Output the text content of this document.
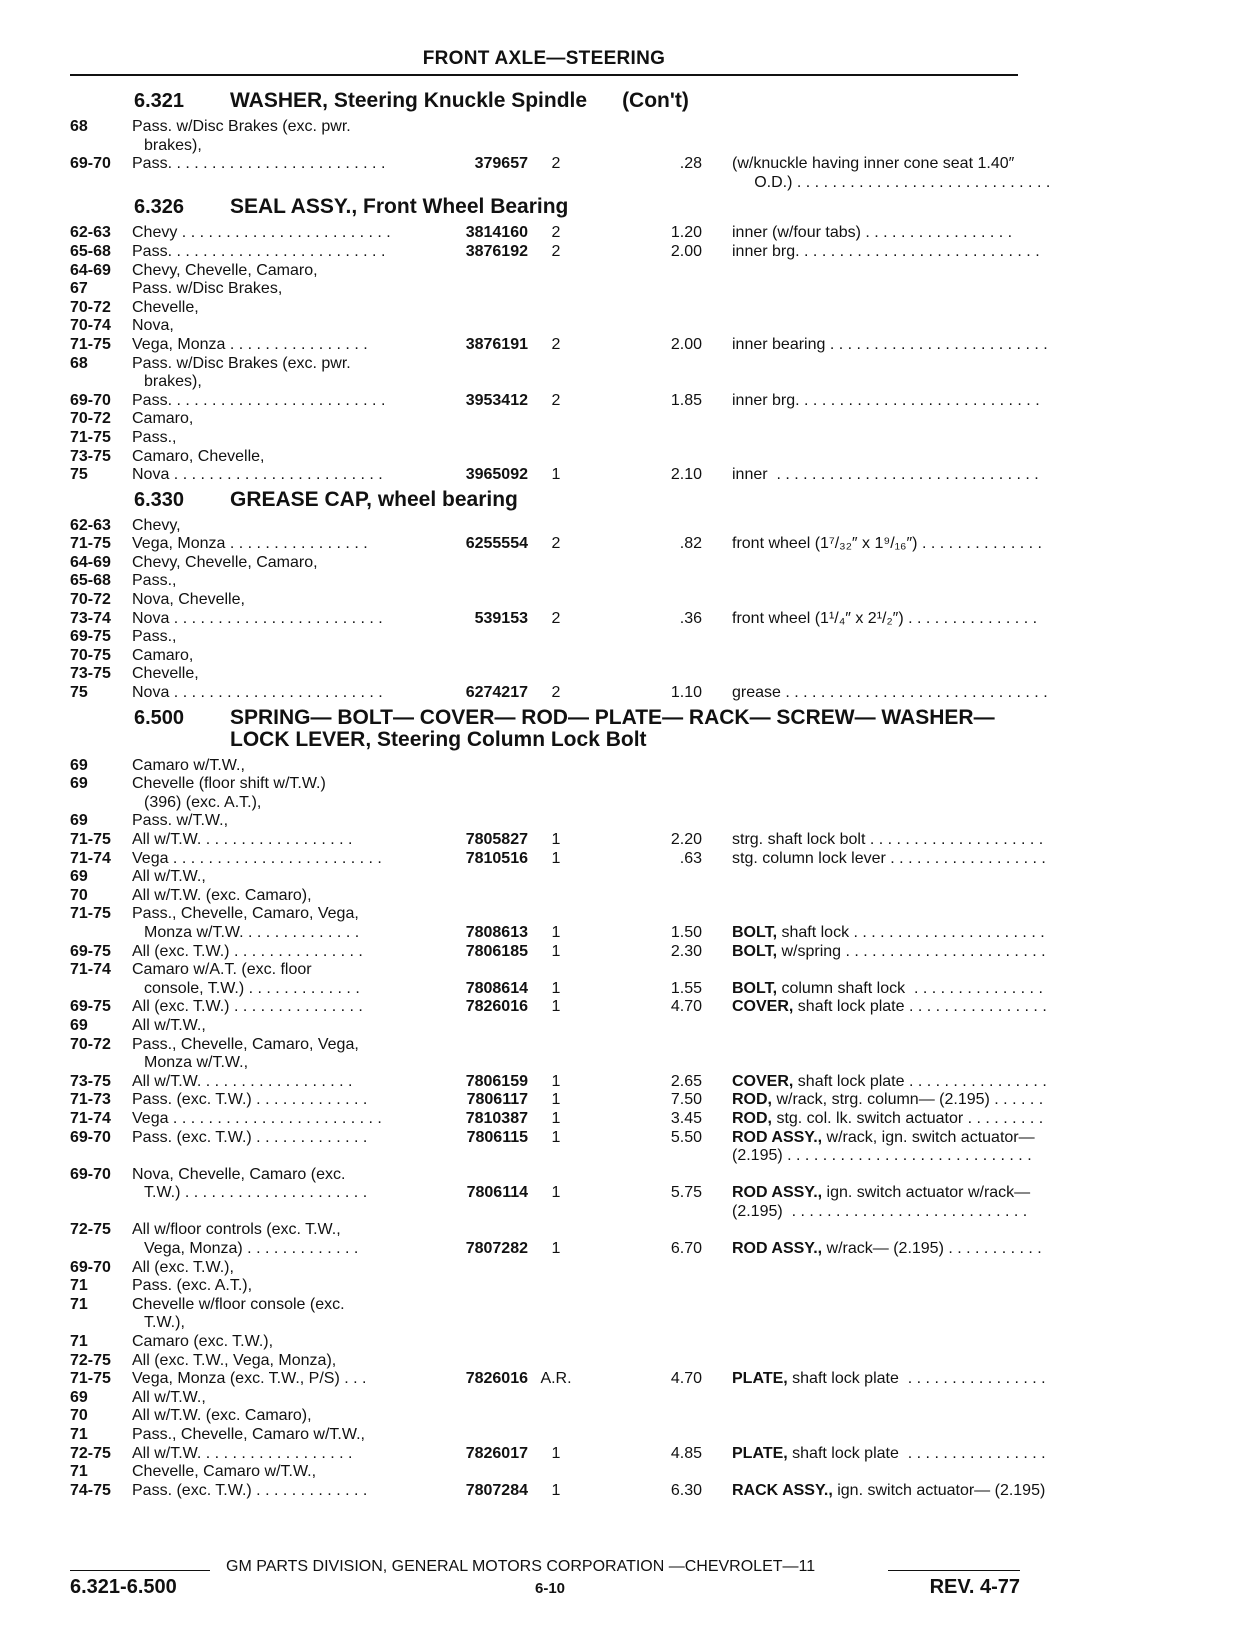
FRONT AXLE—STEERING
6.321	WASHER, Steering Knuckle Spindle      (Con't)
68	Pass. w/Disc Brakes (exc. pwr.
brakes),
69-70 Pass. . . . . . . . . . . . . . . . . . . . . . . . .	379657	2	.28 (w/knuckle having inner cone seat 1.40″
O.D.) . . . . . . . . . . . . . . . . . . . . . . . . . . . . .
6.326	SEAL ASSY., Front Wheel Bearing
62-63 Chevy . . . . . . . . . . . . . . . . . . . . . . . .	3814160	2	1.20 inner (w/four tabs) . . . . . . . . . . . . . . . . .
65-68 Pass. . . . . . . . . . . . . . . . . . . . . . . . .	3876192	2	2.00 inner brg. . . . . . . . . . . . . . . . . . . . . . . . . . . .
64-69 Chevy, Chevelle, Camaro,
67	Pass. w/Disc Brakes,
70-72 Chevelle,
70-74 Nova,
71-75 Vega, Monza . . . . . . . . . . . . . . . .	3876191	2	2.00 inner bearing . . . . . . . . . . . . . . . . . . . . . . . . .
68	Pass. w/Disc Brakes (exc. pwr.
brakes),
69-70 Pass. . . . . . . . . . . . . . . . . . . . . . . . .	3953412	2	1.85 inner brg. . . . . . . . . . . . . . . . . . . . . . . . . . . .
70-72 Camaro,
71-75 Pass.,
73-75 Camaro, Chevelle,
75	Nova . . . . . . . . . . . . . . . . . . . . . . . .	3965092	1	2.10 inner  . . . . . . . . . . . . . . . . . . . . . . . . . . . . . .
6.330	GREASE CAP, wheel bearing
62-63 Chevy,
71-75 Vega, Monza . . . . . . . . . . . . . . . .	6255554	2	.82 front wheel (1⁷/₃₂″ x 1⁹/₁₆″) . . . . . . . . . . . . . .
64-69 Chevy, Chevelle, Camaro,
65-68 Pass.,
70-72 Nova, Chevelle,
73-74 Nova . . . . . . . . . . . . . . . . . . . . . . . .	539153	2	.36 front wheel (1¹/₄″ x 2¹/₂″) . . . . . . . . . . . . . . .
69-75 Pass.,
70-75 Camaro,
73-75 Chevelle,
75	Nova . . . . . . . . . . . . . . . . . . . . . . . .	6274217	2	1.10 grease . . . . . . . . . . . . . . . . . . . . . . . . . . . . . .
6.500	SPRING— BOLT— COVER— ROD— PLATE— RACK— SCREW— WASHER— LOCK LEVER, Steering Column Lock Bolt
69	Camaro w/T.W.,
69	Chevelle (floor shift w/T.W.)
(396) (exc. A.T.),
69	Pass. w/T.W.,
71-75 All w/T.W. . . . . . . . . . . . . . . . . .	7805827	1	2.20 strg. shaft lock bolt . . . . . . . . . . . . . . . . . . . .
71-74 Vega . . . . . . . . . . . . . . . . . . . . . . . .	7810516	1	.63 stg. column lock lever . . . . . . . . . . . . . . . . . .
69	All w/T.W.,
70	All w/T.W. (exc. Camaro),
71-75 Pass., Chevelle, Camaro, Vega,
Monza w/T.W. . . . . . . . . . . . . .	7808613	1	1.50 BOLT, shaft lock . . . . . . . . . . . . . . . . . . . . . .
69-75 All (exc. T.W.) . . . . . . . . . . . . . . .	7806185	1	2.30 BOLT, w/spring . . . . . . . . . . . . . . . . . . . . . . .
71-74 Camaro w/A.T. (exc. floor
console, T.W.) . . . . . . . . . . . . .	7808614	1	1.55 BOLT, column shaft lock  . . . . . . . . . . . . . . .
69-75 All (exc. T.W.) . . . . . . . . . . . . . . .	7826016	1	4.70 COVER, shaft lock plate . . . . . . . . . . . . . . . .
69	All w/T.W.,
70-72 Pass., Chevelle, Camaro, Vega,
Monza w/T.W.,
73-75 All w/T.W. . . . . . . . . . . . . . . . . .	7806159	1	2.65 COVER, shaft lock plate . . . . . . . . . . . . . . . .
71-73 Pass. (exc. T.W.) . . . . . . . . . . . . .	7806117	1	7.50 ROD, w/rack, strg. column— (2.195) . . . . . .
71-74 Vega . . . . . . . . . . . . . . . . . . . . . . . .	7810387	1	3.45 ROD, stg. col. lk. switch actuator . . . . . . . . .
69-70 Pass. (exc. T.W.) . . . . . . . . . . . . .	7806115	1	5.50 ROD ASSY., w/rack, ign. switch actuator—
(2.195) . . . . . . . . . . . . . . . . . . . . . . . . . . . .
69-70 Nova, Chevelle, Camaro (exc.
T.W.) . . . . . . . . . . . . . . . . . . . . .	7806114	1	5.75 ROD ASSY., ign. switch actuator w/rack—
(2.195)  . . . . . . . . . . . . . . . . . . . . . . . . . . .
72-75 All w/floor controls (exc. T.W.,
Vega, Monza) . . . . . . . . . . . . .	7807282	1	6.70 ROD ASSY., w/rack— (2.195) . . . . . . . . . . .
69-70 All (exc. T.W.),
71	Pass. (exc. A.T.),
71	Chevelle w/floor console (exc.
T.W.),
71	Camaro (exc. T.W.),
72-75 All (exc. T.W., Vega, Monza),
71-75 Vega, Monza (exc. T.W., P/S) . . .	7826016 A.R.	4.70 PLATE, shaft lock plate  . . . . . . . . . . . . . . . .
69	All w/T.W.,
70	All w/T.W. (exc. Camaro),
71	Pass., Chevelle, Camaro w/T.W.,
72-75 All w/T.W. . . . . . . . . . . . . . . . . .	7826017	1	4.85 PLATE, shaft lock plate  . . . . . . . . . . . . . . . .
71	Chevelle, Camaro w/T.W.,
74-75 Pass. (exc. T.W.) . . . . . . . . . . . . .	7807284	1	6.30 RACK ASSY., ign. switch actuator— (2.195)
GM PARTS DIVISION, GENERAL MOTORS CORPORATION —CHEVROLET—11
6.321-6.500	6-10	REV. 4-77
